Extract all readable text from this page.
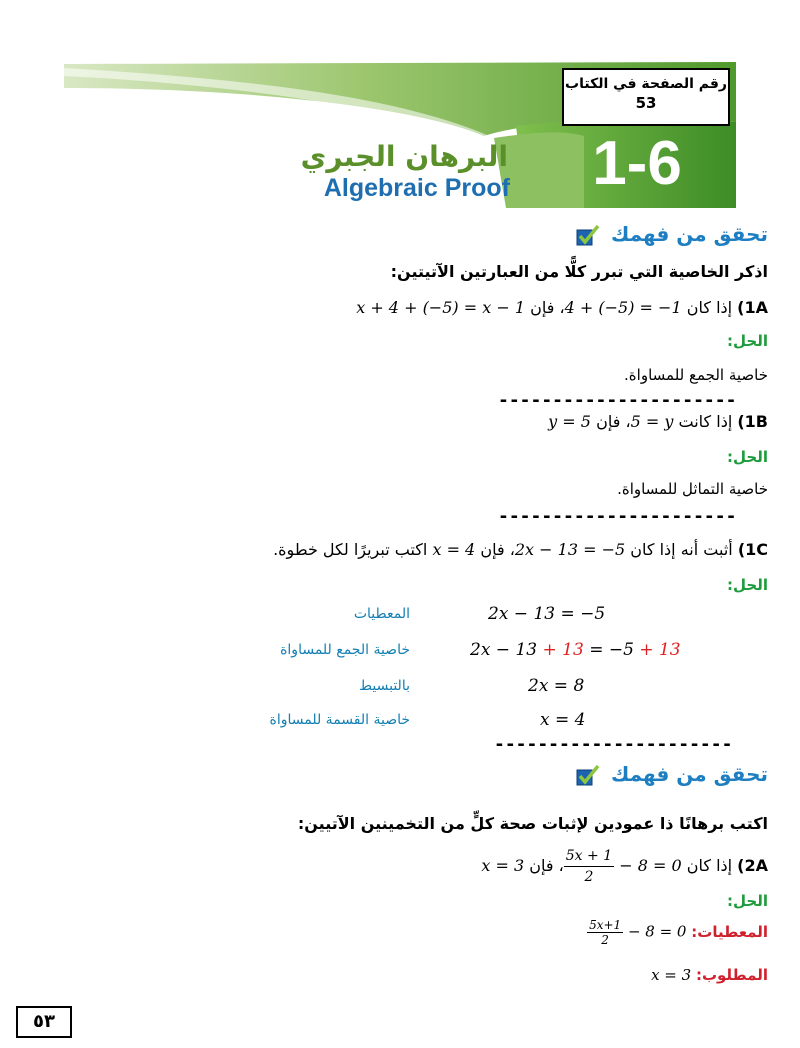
1-6
البرهان الجبري
Algebraic Proof
رقم الصفحة في الكتاب
53
تحقق من فهمك
اذكر الخاصية التي تبرر كلًّا من العبارتين الآتيتين:
1A) إذا كان 4 + (−5) = −1، فإن x + 4 + (−5) = x − 1
الحل:
خاصية الجمع للمساواة.
----------------------
1B) إذا كانت 5 = y، فإن y = 5
الحل:
خاصية التماثل للمساواة.
----------------------
1C) أثبت أنه إذا كان 2x − 13 = −5، فإن x = 4 اكتب تبريرًا لكل خطوة.
الحل:
2x − 13 = −5
المعطيات
2x − 13 + 13 = −5 + 13
خاصية الجمع للمساواة
2x = 8
بالتبسيط
x = 4
خاصية القسمة للمساواة
----------------------
تحقق من فهمك
اكتب برهانًا ذا عمودين لإثبات صحة كلٍّ من التخمينين الآتيين:
2A) إذا كان
$\frac{5x + 1}{2} - 8$ = 0، فإن x = 3
الحل:
المعطيات:
$\frac{5x+1}{2} - 8 = 0$
المطلوب: x = 3
٥٣
